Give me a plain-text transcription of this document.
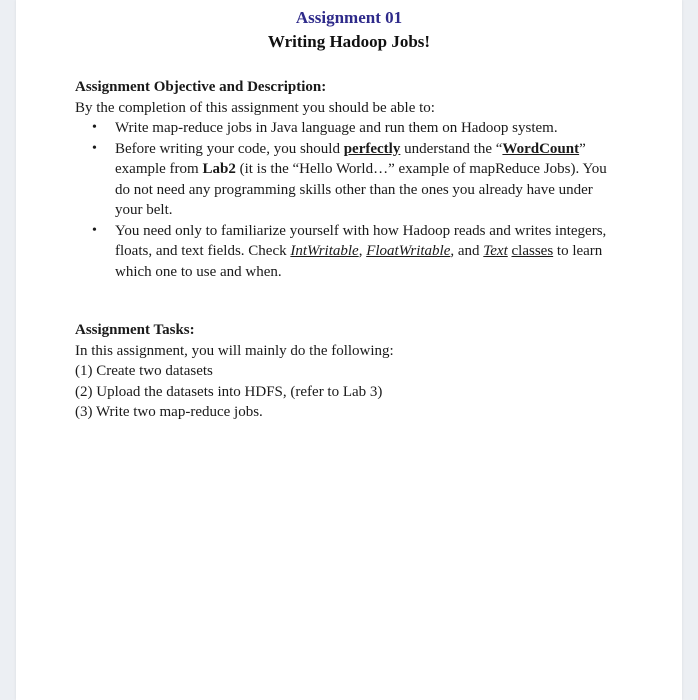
Assignment 01
Writing Hadoop Jobs!
Assignment Objective and Description:
By the completion of this assignment you should be able to:
• Write map-reduce jobs in Java language and run them on Hadoop system.
• Before writing your code, you should perfectly understand the “WordCount” example from Lab2 (it is the “Hello World…” example of mapReduce Jobs). You do not need any programming skills other than the ones you already have under your belt.
• You need only to familiarize yourself with how Hadoop reads and writes integers, floats, and text fields. Check IntWritable, FloatWritable, and Text classes to learn which one to use and when.
Assignment Tasks:
In this assignment, you will mainly do the following:
(1) Create two datasets
(2) Upload the datasets into HDFS, (refer to Lab 3)
(3) Write two map-reduce jobs.
